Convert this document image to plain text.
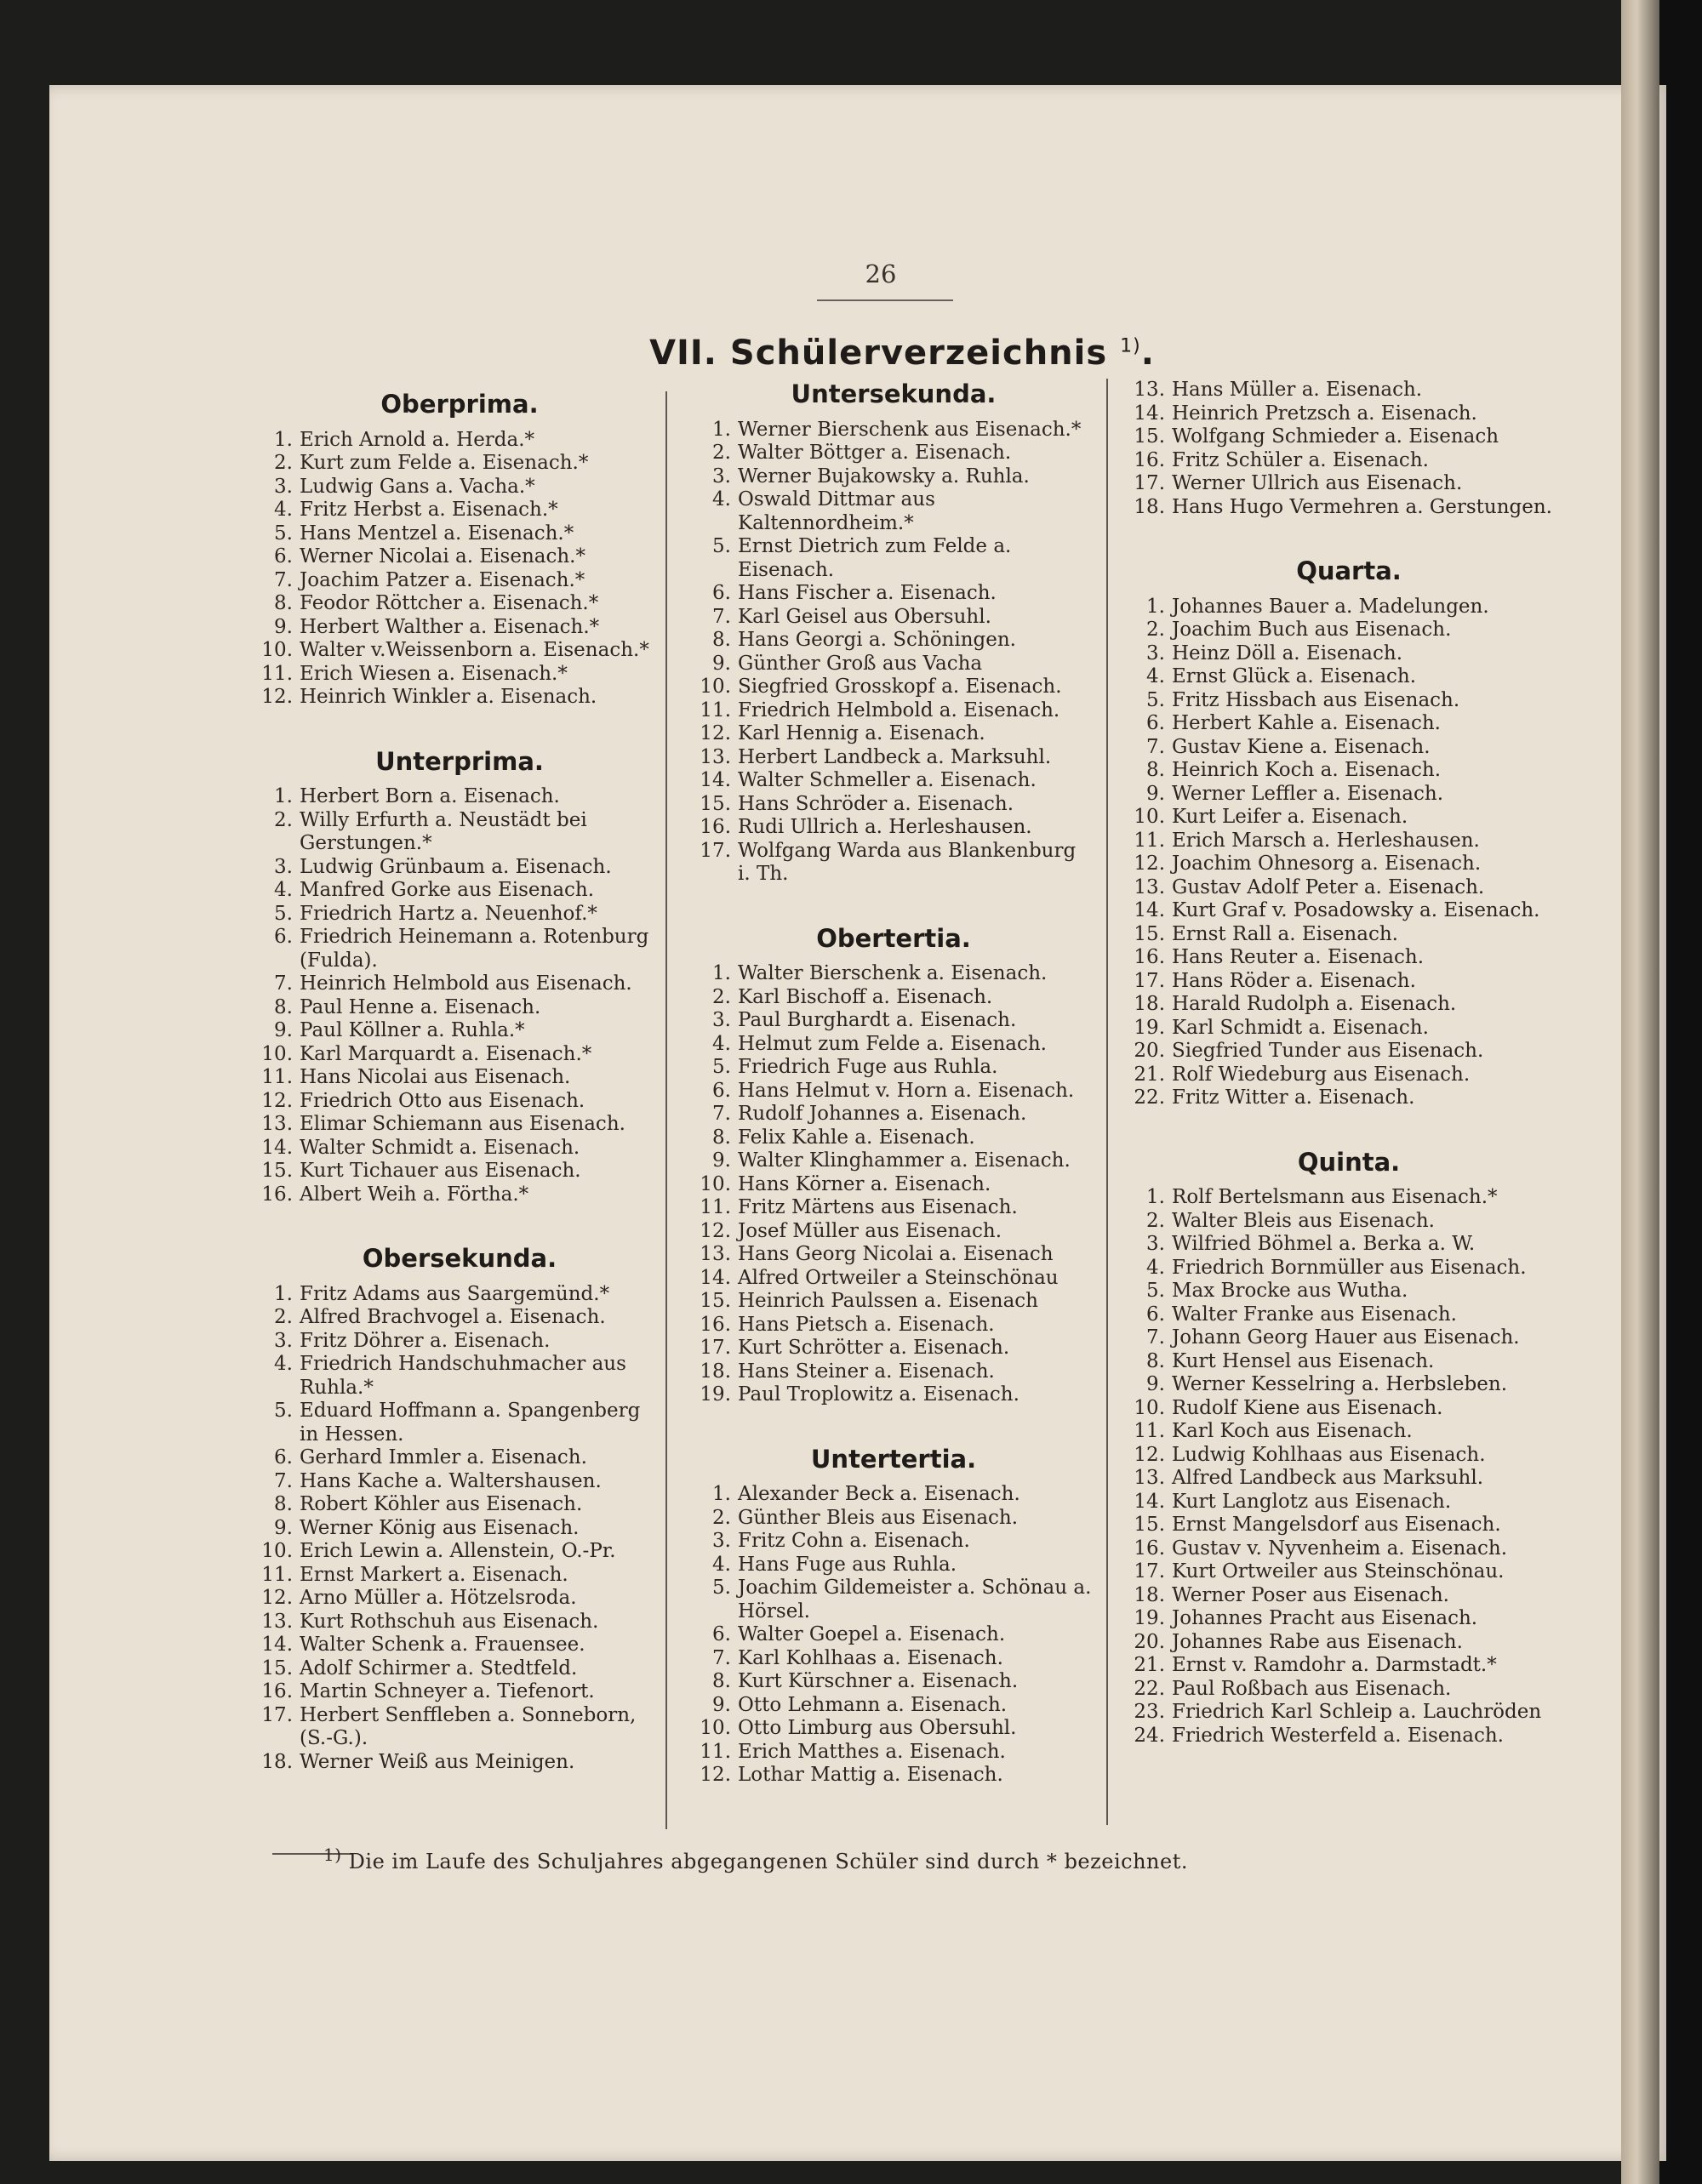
26
VII. Schülerverzeichnis $^{1)}$.
Oberprima.
1. Erich Arnold a. Herda.*
2. Kurt zum Felde a. Eisenach.*
3. Ludwig Gans a. Vacha.*
4. Fritz Herbst a. Eisenach.*
5. Hans Mentzel a. Eisenach.*
6. Werner Nicolai a. Eisenach.*
7. Joachim Patzer a. Eisenach.*
8. Feodor Röttcher a. Eisenach.*
9. Herbert Walther a. Eisenach.*
10. Walter v.Weissenborn a. Eisenach.*
11. Erich Wiesen a. Eisenach.*
12. Heinrich Winkler a. Eisenach.
Unterprima.
1. Herbert Born a. Eisenach.
2. Willy Erfurth a. Neustädt bei Gerstungen.*
3. Ludwig Grünbaum a. Eisenach.
4. Manfred Gorke aus Eisenach.
5. Friedrich Hartz a. Neuenhof.*
6. Friedrich Heinemann a. Rotenburg (Fulda).
7. Heinrich Helmbold aus Eisenach.
8. Paul Henne a. Eisenach.
9. Paul Köllner a. Ruhla.*
10. Karl Marquardt a. Eisenach.*
11. Hans Nicolai aus Eisenach.
12. Friedrich Otto aus Eisenach.
13. Elimar Schiemann aus Eisenach.
14. Walter Schmidt a. Eisenach.
15. Kurt Tichauer aus Eisenach.
16. Albert Weih a. Förtha.*
Obersekunda.
1. Fritz Adams aus Saargemünd.*
2. Alfred Brachvogel a. Eisenach.
3. Fritz Döhrer a. Eisenach.
4. Friedrich Handschuhmacher aus Ruhla.*
5. Eduard Hoffmann a. Spangenberg in Hessen.
6. Gerhard Immler a. Eisenach.
7. Hans Kache a. Waltershausen.
8. Robert Köhler aus Eisenach.
9. Werner König aus Eisenach.
10. Erich Lewin a. Allenstein, O.-Pr.
11. Ernst Markert a. Eisenach.
12. Arno Müller a. Hötzelsroda.
13. Kurt Rothschuh aus Eisenach.
14. Walter Schenk a. Frauensee.
15. Adolf Schirmer a. Stedtfeld.
16. Martin Schneyer a. Tiefenort.
17. Herbert Senffleben a. Sonneborn, (S.-G.).
18. Werner Weiß aus Meinigen.
Untersekunda.
1. Werner Bierschenk aus Eisenach.*
2. Walter Böttger a. Eisenach.
3. Werner Bujakowsky a. Ruhla.
4. Oswald Dittmar aus Kaltennordheim.*
5. Ernst Dietrich zum Felde a. Eisenach.
6. Hans Fischer a. Eisenach.
7. Karl Geisel aus Obersuhl.
8. Hans Georgi a. Schöningen.
9. Günther Groß aus Vacha
10. Siegfried Grosskopf a. Eisenach.
11. Friedrich Helmbold a. Eisenach.
12. Karl Hennig a. Eisenach.
13. Herbert Landbeck a. Marksuhl.
14. Walter Schmeller a. Eisenach.
15. Hans Schröder a. Eisenach.
16. Rudi Ullrich a. Herleshausen.
17. Wolfgang Warda aus Blankenburg i. Th.
Obertertia.
1. Walter Bierschenk a. Eisenach.
2. Karl Bischoff a. Eisenach.
3. Paul Burghardt a. Eisenach.
4. Helmut zum Felde a. Eisenach.
5. Friedrich Fuge aus Ruhla.
6. Hans Helmut v. Horn a. Eisenach.
7. Rudolf Johannes a. Eisenach.
8. Felix Kahle a. Eisenach.
9. Walter Klinghammer a. Eisenach.
10. Hans Körner a. Eisenach.
11. Fritz Märtens aus Eisenach.
12. Josef Müller aus Eisenach.
13. Hans Georg Nicolai a. Eisenach
14. Alfred Ortweiler a Steinschönau
15. Heinrich Paulssen a. Eisenach
16. Hans Pietsch a. Eisenach.
17. Kurt Schrötter a. Eisenach.
18. Hans Steiner a. Eisenach.
19. Paul Troplowitz a. Eisenach.
Untertertia.
1. Alexander Beck a. Eisenach.
2. Günther Bleis aus Eisenach.
3. Fritz Cohn a. Eisenach.
4. Hans Fuge aus Ruhla.
5. Joachim Gildemeister a. Schönau a. Hörsel.
6. Walter Goepel a. Eisenach.
7. Karl Kohlhaas a. Eisenach.
8. Kurt Kürschner a. Eisenach.
9. Otto Lehmann a. Eisenach.
10. Otto Limburg aus Obersuhl.
11. Erich Matthes a. Eisenach.
12. Lothar Mattig a. Eisenach.
13. Hans Müller a. Eisenach.
14. Heinrich Pretzsch a. Eisenach.
15. Wolfgang Schmieder a. Eisenach
16. Fritz Schüler a. Eisenach.
17. Werner Ullrich aus Eisenach.
18. Hans Hugo Vermehren a. Gerstungen.
Quarta.
1. Johannes Bauer a. Madelungen.
2. Joachim Buch aus Eisenach.
3. Heinz Döll a. Eisenach.
4. Ernst Glück a. Eisenach.
5. Fritz Hissbach aus Eisenach.
6. Herbert Kahle a. Eisenach.
7. Gustav Kiene a. Eisenach.
8. Heinrich Koch a. Eisenach.
9. Werner Leffler a. Eisenach.
10. Kurt Leifer a. Eisenach.
11. Erich Marsch a. Herleshausen.
12. Joachim Ohnesorg a. Eisenach.
13. Gustav Adolf Peter a. Eisenach.
14. Kurt Graf v. Posadowsky a. Eisenach.
15. Ernst Rall a. Eisenach.
16. Hans Reuter a. Eisenach.
17. Hans Röder a. Eisenach.
18. Harald Rudolph a. Eisenach.
19. Karl Schmidt a. Eisenach.
20. Siegfried Tunder aus Eisenach.
21. Rolf Wiedeburg aus Eisenach.
22. Fritz Witter a. Eisenach.
Quinta.
1. Rolf Bertelsmann aus Eisenach.*
2. Walter Bleis aus Eisenach.
3. Wilfried Böhmel a. Berka a. W.
4. Friedrich Bornmüller aus Eisenach.
5. Max Brocke aus Wutha.
6. Walter Franke aus Eisenach.
7. Johann Georg Hauer aus Eisenach.
8. Kurt Hensel aus Eisenach.
9. Werner Kesselring a. Herbsleben.
10. Rudolf Kiene aus Eisenach.
11. Karl Koch aus Eisenach.
12. Ludwig Kohlhaas aus Eisenach.
13. Alfred Landbeck aus Marksuhl.
14. Kurt Langlotz aus Eisenach.
15. Ernst Mangelsdorf aus Eisenach.
16. Gustav v. Nyvenheim a. Eisenach.
17. Kurt Ortweiler aus Steinschönau.
18. Werner Poser aus Eisenach.
19. Johannes Pracht aus Eisenach.
20. Johannes Rabe aus Eisenach.
21. Ernst v. Ramdohr a. Darmstadt.*
22. Paul Roßbach aus Eisenach.
23. Friedrich Karl Schleip a. Lauchröden
24. Friedrich Westerfeld a. Eisenach.
$^{1)}$ Die im Laufe des Schuljahres abgegangenen Schüler sind durch * bezeichnet.
